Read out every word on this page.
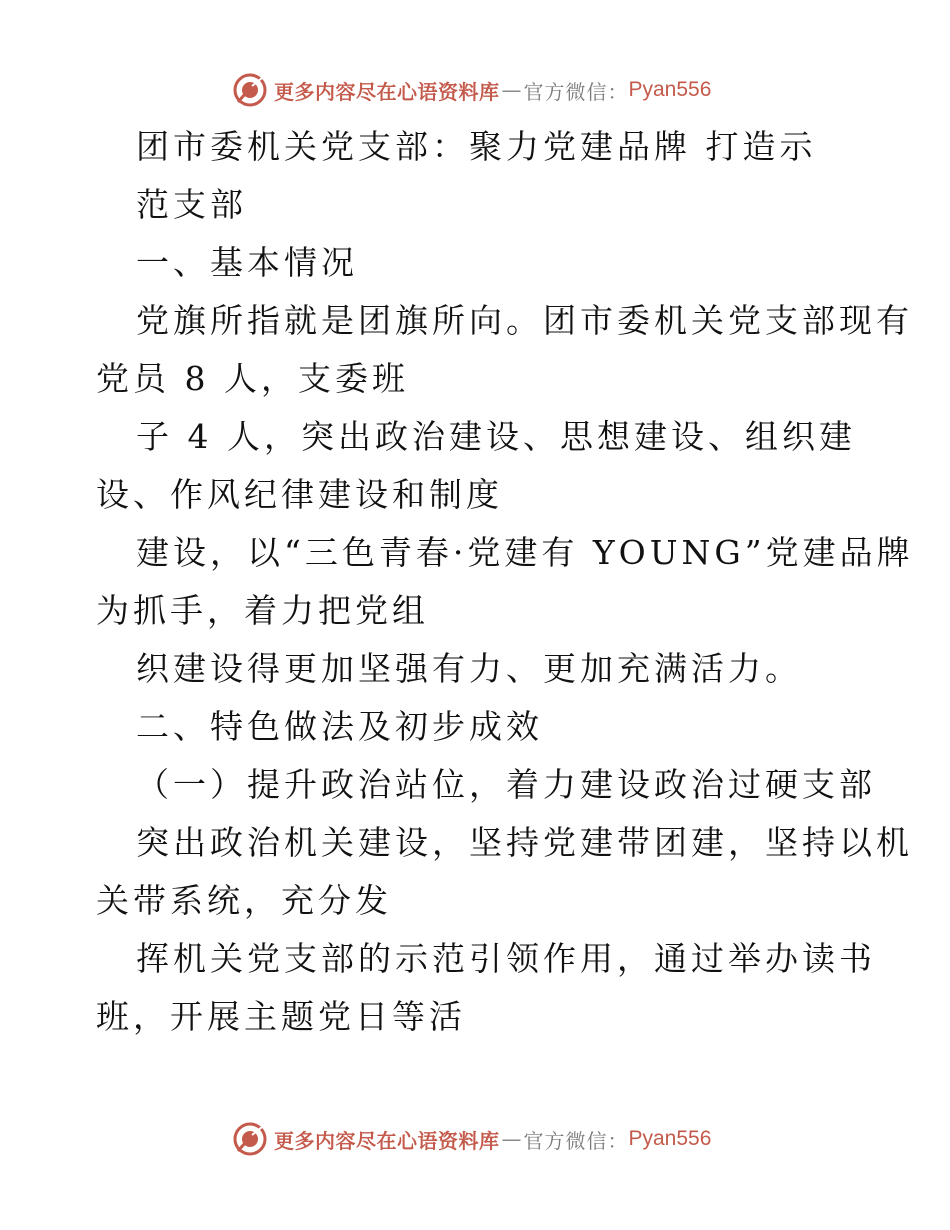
更多内容尽在心语资料库 — 官方微信： Pyan556
团市委机关党支部：聚力党建品牌 打造示
范支部
一、基本情况
党旗所指就是团旗所向。团市委机关党支部现有
党员 8 人，支委班
子 4 人，突出政治建设、思想建设、组织建
设、作风纪律建设和制度
建设，以“三色青春·党建有 YOUNG”党建品牌
为抓手，着力把党组
织建设得更加坚强有力、更加充满活力。
二、特色做法及初步成效
（一）提升政治站位，着力建设政治过硬支部
突出政治机关建设，坚持党建带团建，坚持以机
关带系统，充分发
挥机关党支部的示范引领作用，通过举办读书
班，开展主题党日等活
更多内容尽在心语资料库 — 官方微信： Pyan556
